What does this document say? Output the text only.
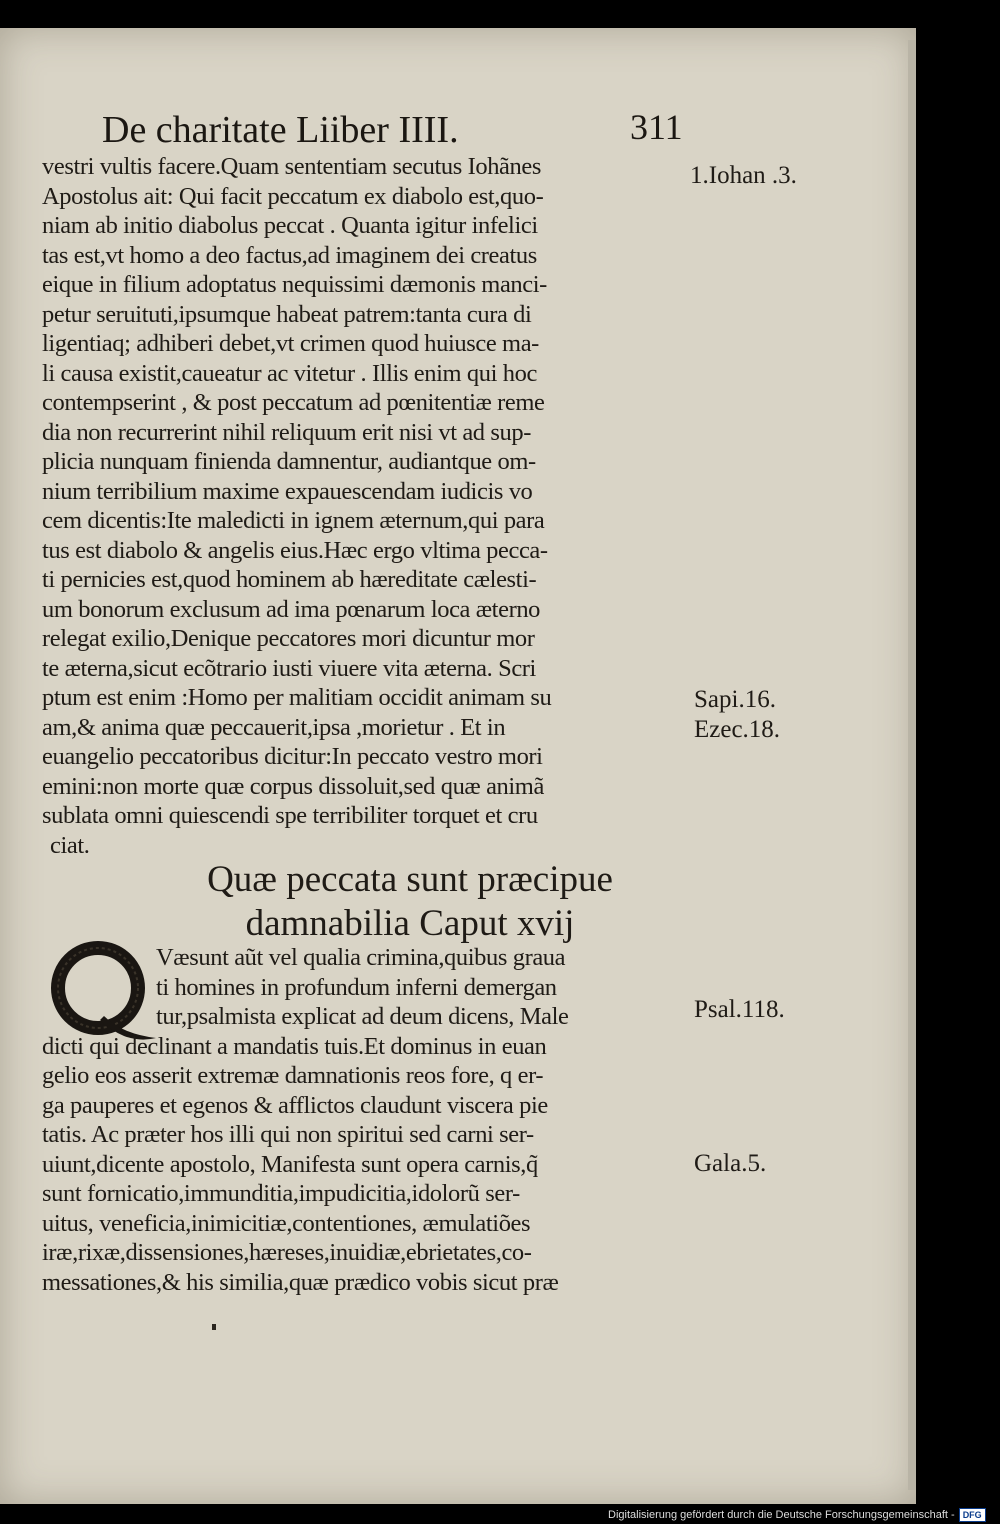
De charitate Liiber IIII.	311
vestri vultis facere.Quam sententiam secutus Iohãnes
Apostolus ait: Qui facit peccatum ex diabolo est,quo-
niam ab initio diabolus peccat . Quanta igitur infelici
tas est,vt homo a deo factus,ad imaginem dei creatus
eique in filium adoptatus nequissimi dæmonis manci-
petur seruituti,ipsumque habeat patrem:tanta cura di
ligentiaq; adhiberi debet,vt crimen quod huiusce ma-
li causa existit,caueatur ac vitetur . Illis enim qui hoc
contempserint , & post peccatum ad pœnitentiæ reme
dia non recurrerint nihil reliquum erit nisi vt ad sup-
plicia nunquam finienda damnentur, audiantque om-
nium terribilium maxime expauescendam iudicis vo
cem dicentis:Ite maledicti in ignem æternum,qui para
tus est diabolo & angelis eius.Hæc ergo vltima pecca-
ti pernicies est,quod hominem ab hæreditate cælesti-
um bonorum exclusum ad ima pœnarum loca æterno
relegat exilio,Denique peccatores mori dicuntur mor
te æterna,sicut ecõtrario iusti viuere vita æterna. Scri
ptum est enim :Homo per malitiam occidit animam su
am,& anima quæ peccauerit,ipsa ,morietur . Et in
euangelio peccatoribus dicitur:In peccato vestro mori
emini:non morte quæ corpus dissoluit,sed quæ animã
sublata omni quiescendi spe terribiliter torquet et cru
ciat.
Quæ peccata sunt præcipue
damnabilia Caput xvij
Væsunt aũt vel qualia crimina,quibus graua
ti homines in profundum inferni demergan
tur,psalmista explicat ad deum dicens, Male
dicti qui declinant a mandatis tuis.Et dominus in euan
gelio eos asserit extremæ damnationis reos fore, q er-
ga pauperes et egenos & afflictos claudunt viscera pie
tatis. Ac præter hos illi qui non spiritui sed carni ser-
uiunt,dicente apostolo, Manifesta sunt opera carnis,q̃
sunt fornicatio,immunditia,impudicitia,idolorũ ser-
uitus, veneficia,inimicitiæ,contentiones, æmulatiões
iræ,rixæ,dissensiones,hæreses,inuidiæ,ebrietates,co-
messationes,& his similia,quæ prædico vobis sicut præ
1.Iohan .3.
Sapi.16.
Ezec.18.
Psal.118.
Gala.5.
Digitalisierung gefördert durch die Deutsche Forschungsgemeinschaft - DFG
